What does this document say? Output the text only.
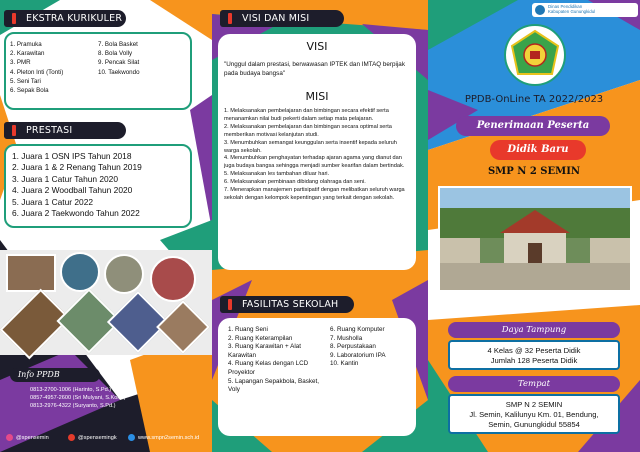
EKSTRA KURIKULER
1. Pramuka
2. Karawitan
3. PMR
4. Pleton Inti (Tonti)
5. Seni Tari
6. Sepak Bola
7. Bola Basket
8. Bola Volly
9. Pencak Silat
10. Taekwondo
PRESTASI
1. Juara 1 OSN IPS Tahun 2018
2. Juara 1 & 2 Renang Tahun 2019
3. Juara 1 Catur Tahun 2020
4. Juara 2 Woodball Tahun 2020
5. Juara 1 Catur 2022
6. Juara 2 Taekwondo Tahun 2022
Info PPDB
0813-2700-1006 (Harinto, S.Pd.)
0857-4957-2600 (Sri Mulyani, S.Kom.)
0813-2976-4322 (Suryanto, S.Pd.)
@spensemin	@spensemingk	www.smpn2semin.sch.id
VISI DAN MISI
VISI
"Unggul dalam prestasi, berwawasan IPTEK dan IMTAQ berpijak pada budaya bangsa"
MISI
1. Melaksanakan pembelajaran dan bimbingan secara efektif serta menanamkan nilai budi pekerti dalam setiap mata pelajaran.
2. Melaksanakan pembelajaran dan bimbingan secara optimal serta memberikan motivasi kelanjutan studi.
3. Menumbuhkan semangat keunggulan serta insentif kepada seluruh warga sekolah.
4. Menumbuhkan penghayatan terhadap ajaran agama yang dianut dan juga budaya bangsa sehingga menjadi sumber kearifan dalam bertindak.
5. Melaksanakan les tambahan diluar hari.
6. Melaksanakan pembinaan dibidang olahraga dan seni.
7. Menerapkan manajemen partisipatif dengan melibatkan seluruh warga sekolah dengan kelompok kepentingan yang terkait dengan sekolah.
FASILITAS SEKOLAH
1. Ruang Seni
2. Ruang Keterampilan
3. Ruang Karawitan + Alat Karawitan
4. Ruang Kelas dengan LCD Proyektor
5. Lapangan Sepakbola, Basket, Voly
6. Ruang Komputer
7. Musholla
8. Perpustakaan
9. Laboratorium IPA
10. Kantin
Dinas Pendidikan
Kabupaten Gunungkidul
PPDB-OnLine TA 2022/2023
Penerimaan Peserta
Didik Baru
SMP N 2 SEMIN
Daya Tampung
4 Kelas @ 32 Peserta Didik
Jumlah 128 Peserta Didik
Tempat
SMP N 2 SEMIN
Jl. Semin, Kalilunyu Km. 01, Bendung,
Semin, Gunungkidul 55854
